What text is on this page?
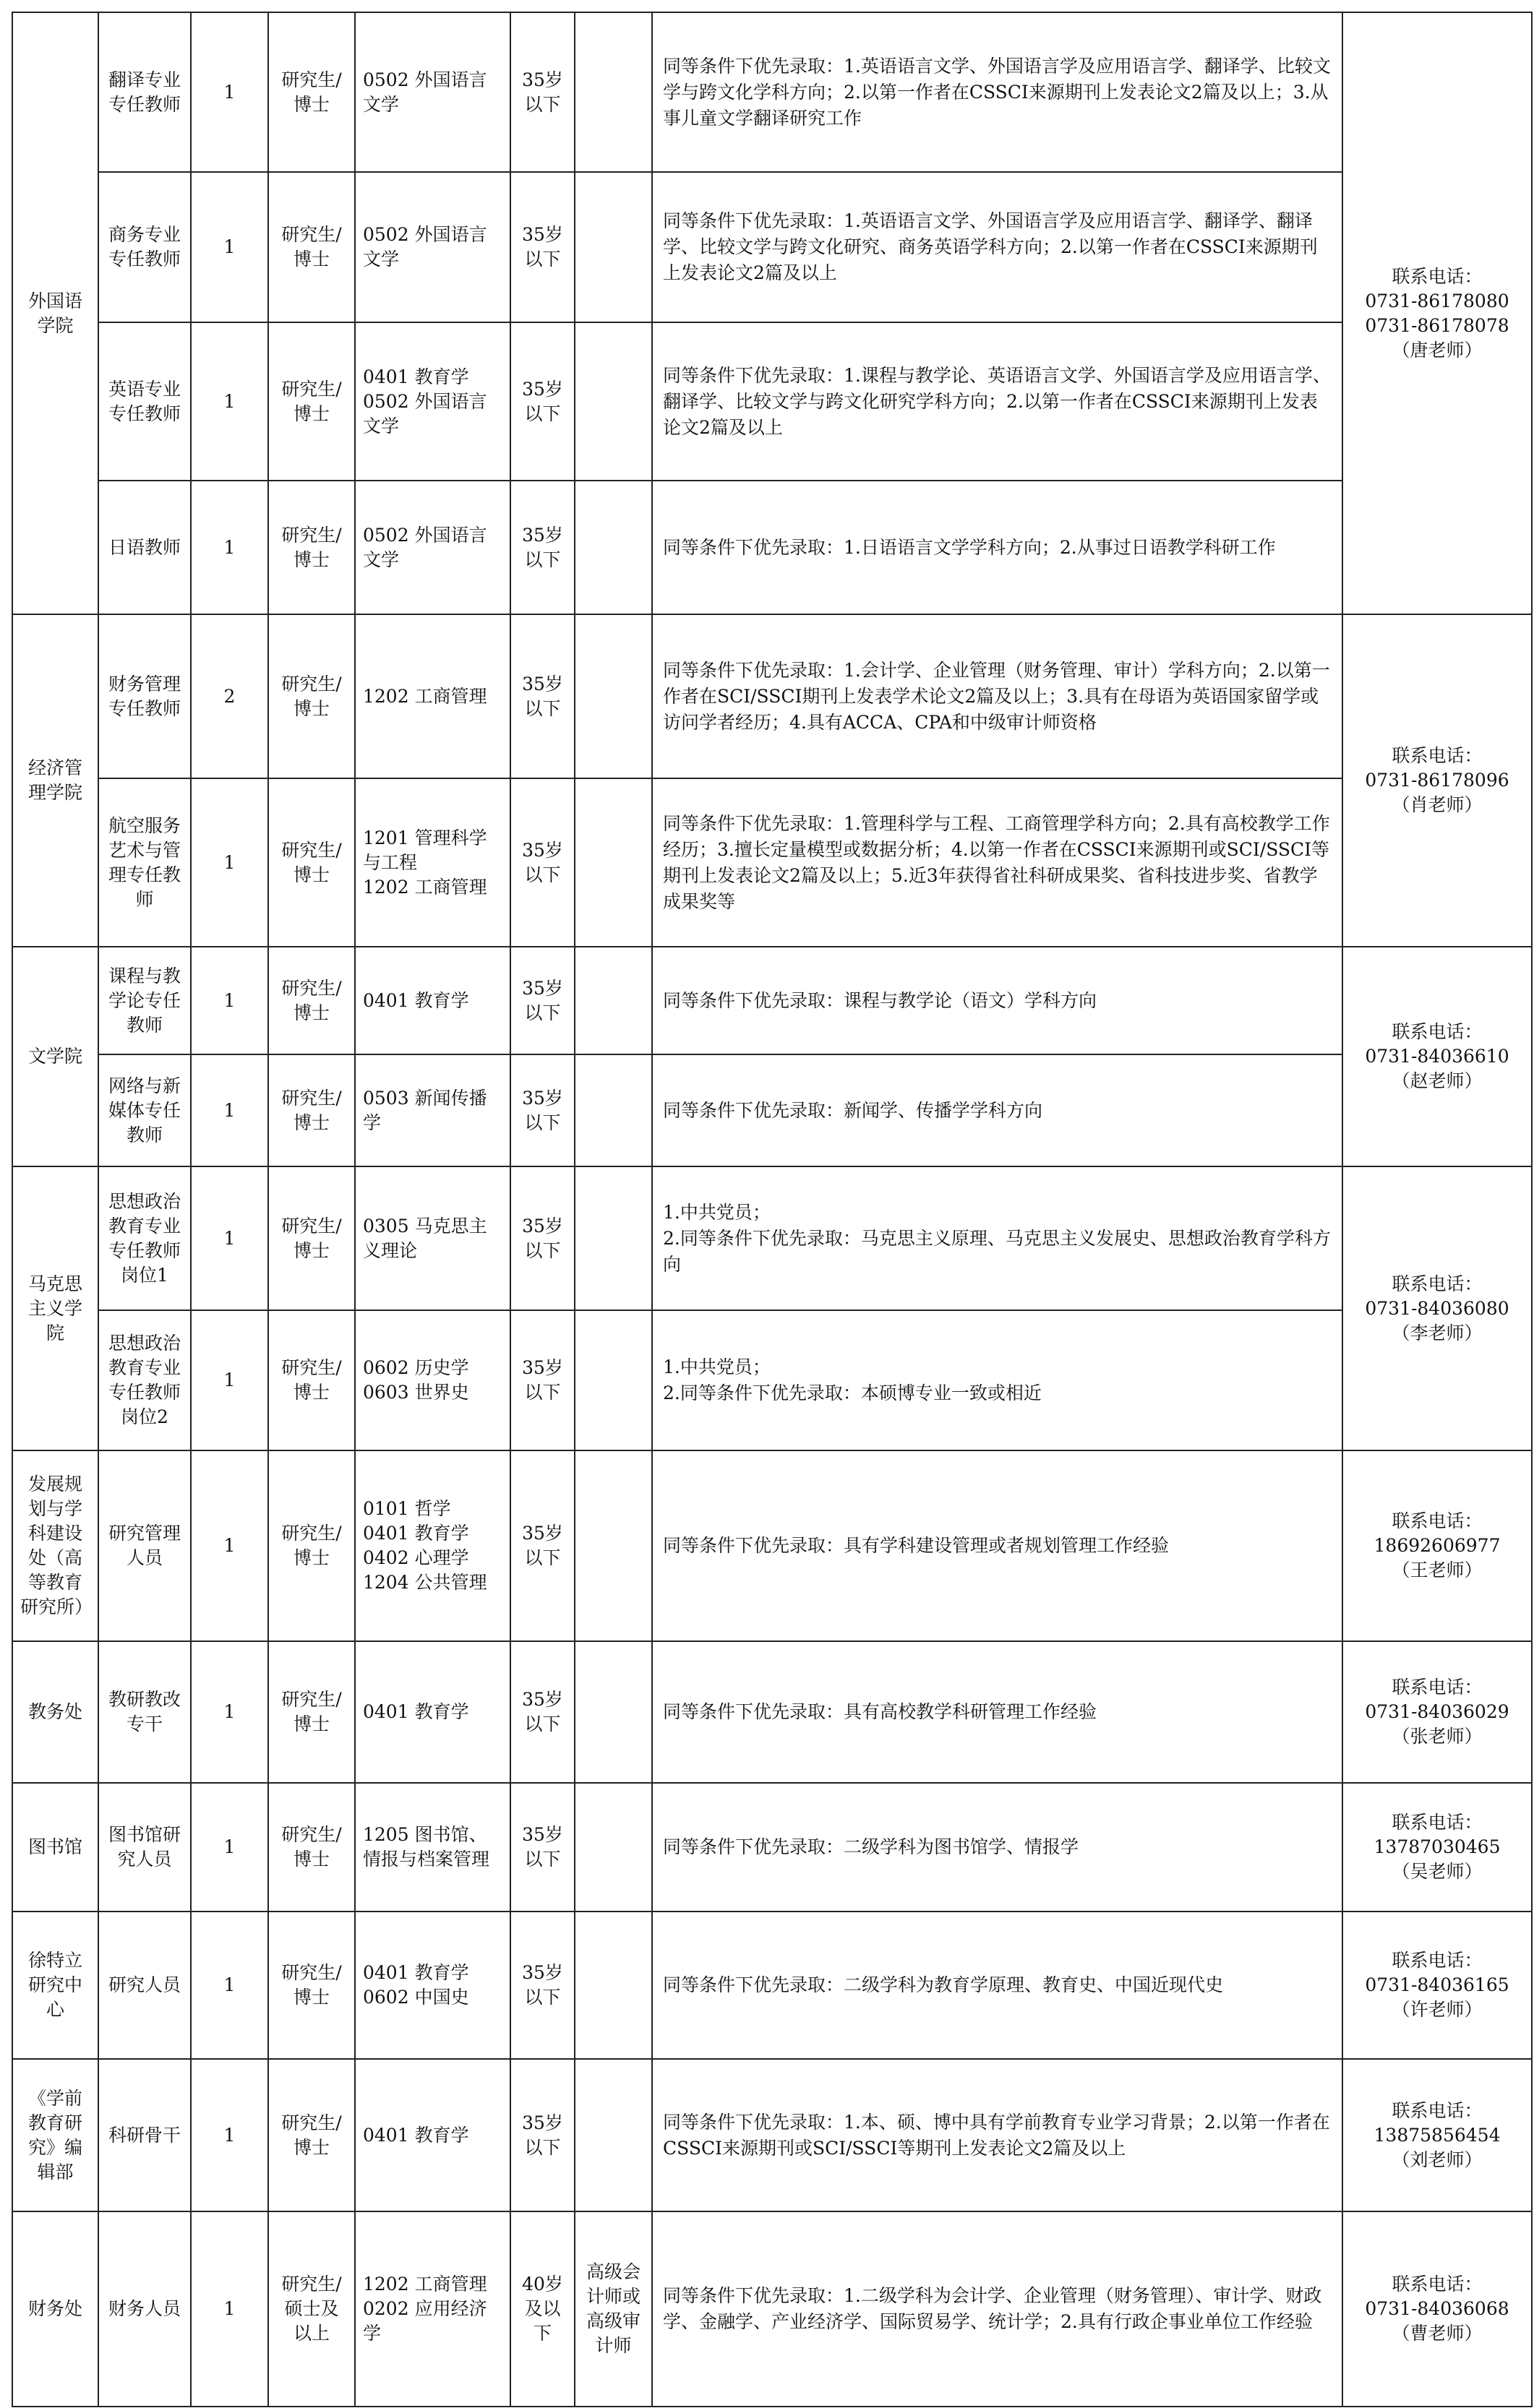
外国语学院	翻译专业专任教师	1	研究生/博士	0502 外国语言文学	35岁以下		同等条件下优先录取：1.英语语言文学、外国语言学及应用语言学、翻译学、比较文学与跨文化学科方向；2.以第一作者在CSSCI来源期刊上发表论文2篇及以上；3.从事儿童文学翻译研究工作	联系电话：
0731-86178080
0731-86178078
（唐老师）

	商务专业专任教师	1	研究生/博士	0502 外国语言文学	35岁以下		同等条件下优先录取：1.英语语言文学、外国语言学及应用语言学、翻译学、翻译学、比较文学与跨文化研究、商务英语学科方向；2.以第一作者在CSSCI来源期刊上发表论文2篇及以上	

	英语专业专任教师	1	研究生/博士	0401 教育学
0502 外国语言文学	35岁以下		同等条件下优先录取：1.课程与教学论、英语语言文学、外国语言学及应用语言学、翻译学、比较文学与跨文化研究学科方向；2.以第一作者在CSSCI来源期刊上发表论文2篇及以上	

	日语教师	1	研究生/博士	0502 外国语言文学	35岁以下		同等条件下优先录取：1.日语语言文学学科方向；2.从事过日语教学科研工作	

经济管理学院	财务管理专任教师	2	研究生/博士	1202 工商管理	35岁以下		同等条件下优先录取：1.会计学、企业管理（财务管理、审计）学科方向；2.以第一作者在SCI/SSCI期刊上发表学术论文2篇及以上；3.具有在母语为英语国家留学或访问学者经历；4.具有ACCA、CPA和中级审计师资格	联系电话：
0731-86178096
（肖老师）

	航空服务艺术与管理专任教师	1	研究生/博士	1201 管理科学与工程
1202 工商管理	35岁以下		同等条件下优先录取：1.管理科学与工程、工商管理学科方向；2.具有高校教学工作经历；3.擅长定量模型或数据分析；4.以第一作者在CSSCI来源期刊或SCI/SSCI等期刊上发表论文2篇及以上；5.近3年获得省社科研成果奖、省科技进步奖、省教学成果奖等	

文学院	课程与教学论专任教师	1	研究生/博士	0401 教育学	35岁以下		同等条件下优先录取：课程与教学论（语文）学科方向	联系电话：
0731-84036610
（赵老师）

	网络与新媒体专任教师	1	研究生/博士	0503 新闻传播学	35岁以下		同等条件下优先录取：新闻学、传播学学科方向	

马克思主义学院	思想政治教育专业专任教师岗位1	1	研究生/博士	0305 马克思主义理论	35岁以下		1.中共党员；
2.同等条件下优先录取：马克思主义原理、马克思主义发展史、思想政治教育学科方向	联系电话：
0731-84036080
（李老师）

	思想政治教育专业专任教师岗位2	1	研究生/博士	0602 历史学
0603 世界史	35岁以下		1.中共党员；
2.同等条件下优先录取：本硕博专业一致或相近	

发展规划与学科建设处（高等教育研究所）	研究管理人员	1	研究生/博士	0101 哲学
0401 教育学
0402 心理学
1204 公共管理	35岁以下		同等条件下优先录取：具有学科建设管理或者规划管理工作经验	联系电话：
18692606977
（王老师）

教务处	教研教改专干	1	研究生/博士	0401 教育学	35岁以下		同等条件下优先录取：具有高校教学科研管理工作经验	联系电话：
0731-84036029
（张老师）

图书馆	图书馆研究人员	1	研究生/博士	1205 图书馆、情报与档案管理	35岁以下		同等条件下优先录取：二级学科为图书馆学、情报学	联系电话：
13787030465
（吴老师）

徐特立研究中心	研究人员	1	研究生/博士	0401 教育学
0602 中国史	35岁以下		同等条件下优先录取：二级学科为教育学原理、教育史、中国近现代史	联系电话：
0731-84036165
（许老师）

《学前教育研究》编辑部	科研骨干	1	研究生/博士	0401 教育学	35岁以下		同等条件下优先录取：1.本、硕、博中具有学前教育专业学习背景；2.以第一作者在CSSCI来源期刊或SCI/SSCI等期刊上发表论文2篇及以上	联系电话：
13875856454
（刘老师）

财务处	财务人员	1	研究生/硕士及以上	1202 工商管理
0202 应用经济学	40岁及以下	高级会计师或高级审计师	同等条件下优先录取：1.二级学科为会计学、企业管理（财务管理）、审计学、财政学、金融学、产业经济学、国际贸易学、统计学；2.具有行政企事业单位工作经验	联系电话：
0731-84036068
（曹老师）
